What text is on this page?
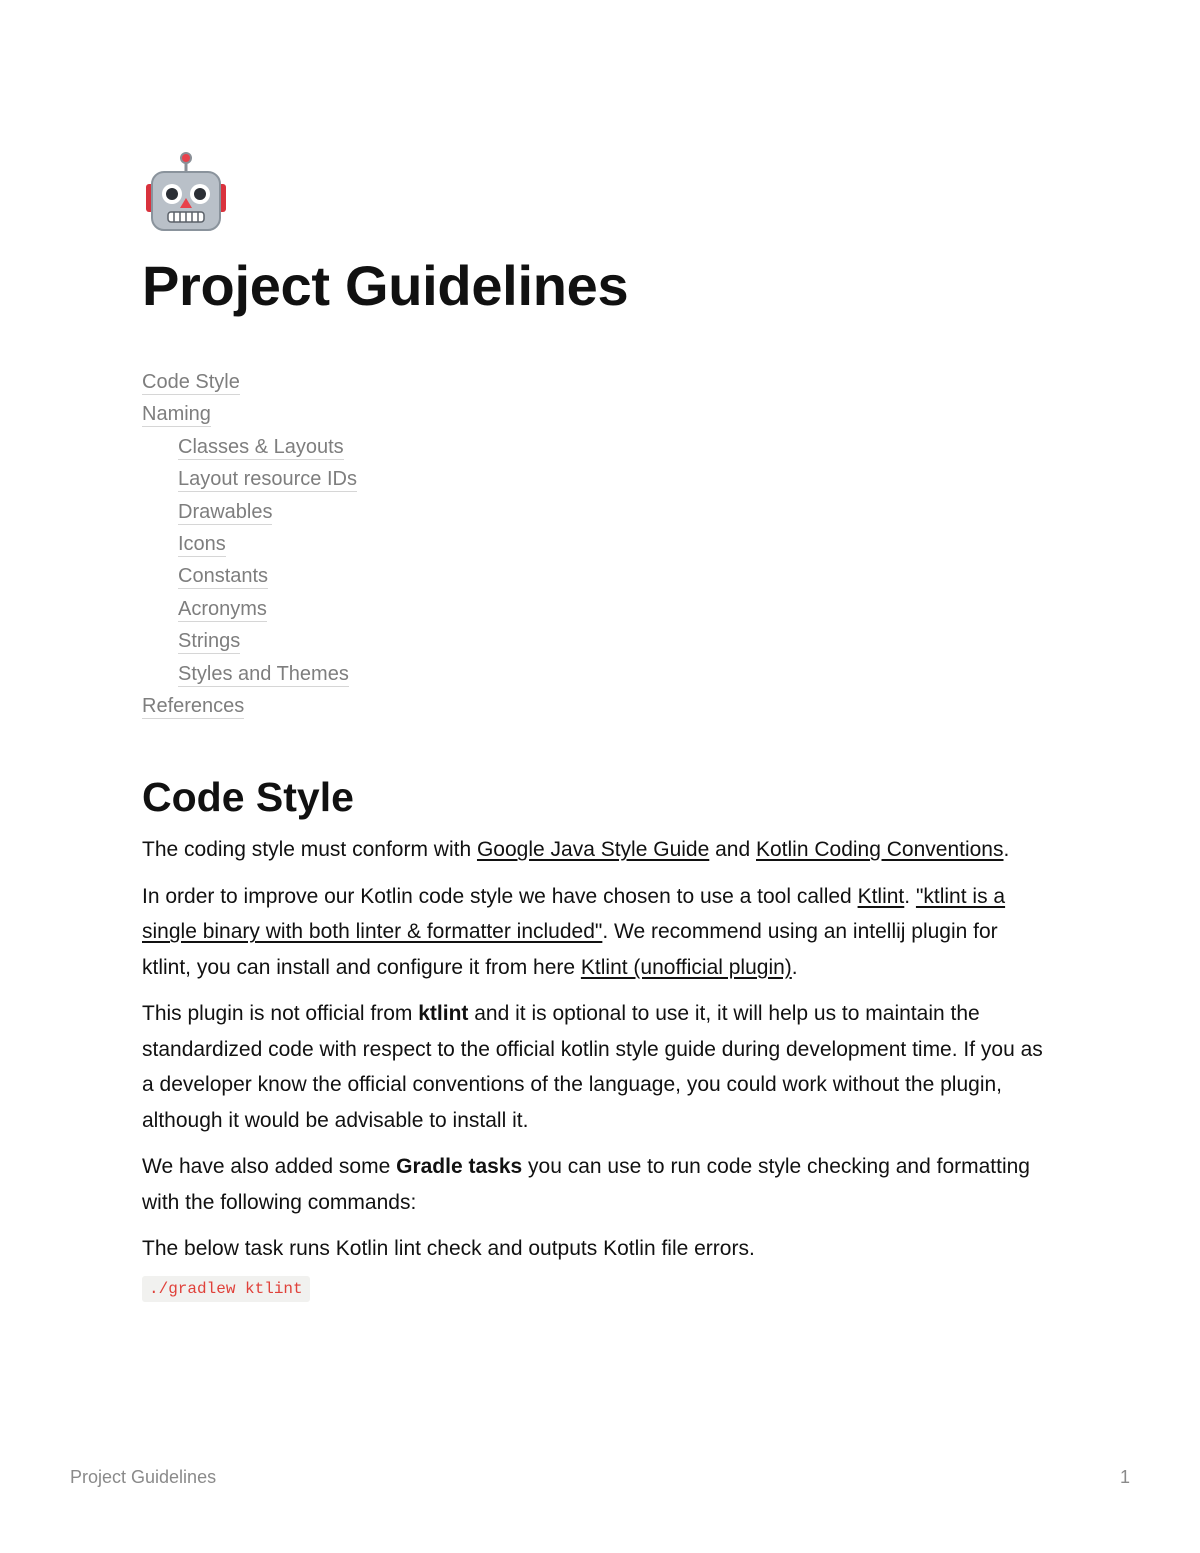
Project Guidelines
Code Style
Naming
Classes & Layouts
Layout resource IDs
Drawables
Icons
Constants
Acronyms
Strings
Styles and Themes
References
Code Style

The coding style must conform with Google Java Style Guide and Kotlin Coding Conventions.

In order to improve our Kotlin code style we have chosen to use a tool called Ktlint. "ktlint is a single binary with both linter & formatter included". We recommend using an intellij plugin for ktlint, you can install and configure it from here Ktlint (unofficial plugin).

This plugin is not official from ktlint and it is optional to use it, it will help us to maintain the standardized code with respect to the official kotlin style guide during development time. If you as a developer know the official conventions of the language, you could work without the plugin, although it would be advisable to install it.

We have also added some Gradle tasks you can use to run code style checking and formatting with the following commands:

The below task runs Kotlin lint check and outputs Kotlin file errors.

./gradlew ktlint
Project Guidelines	1
